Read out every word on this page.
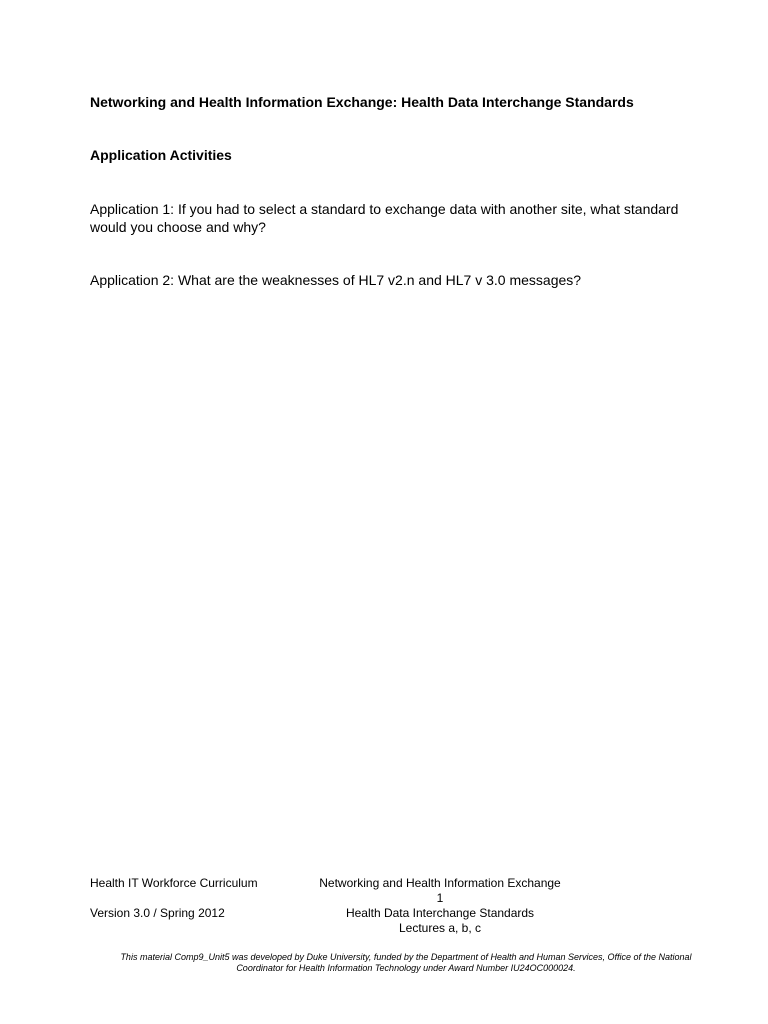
Networking and Health Information Exchange: Health Data Interchange Standards
Application Activities

Application 1: If you had to select a standard to exchange data with another site, what standard would you choose and why?

Application 2: What are the weaknesses of HL7 v2.n and HL7 v 3.0 messages?

Health IT Workforce Curriculum
Version 3.0 / Spring 2012
Networking and Health Information Exchange
1
Health Data Interchange Standards
Lectures a, b, c
This material Comp9_Unit5 was developed by Duke University, funded by the Department of Health and Human Services, Office of the National Coordinator for Health Information Technology under Award Number IU24OC000024.
